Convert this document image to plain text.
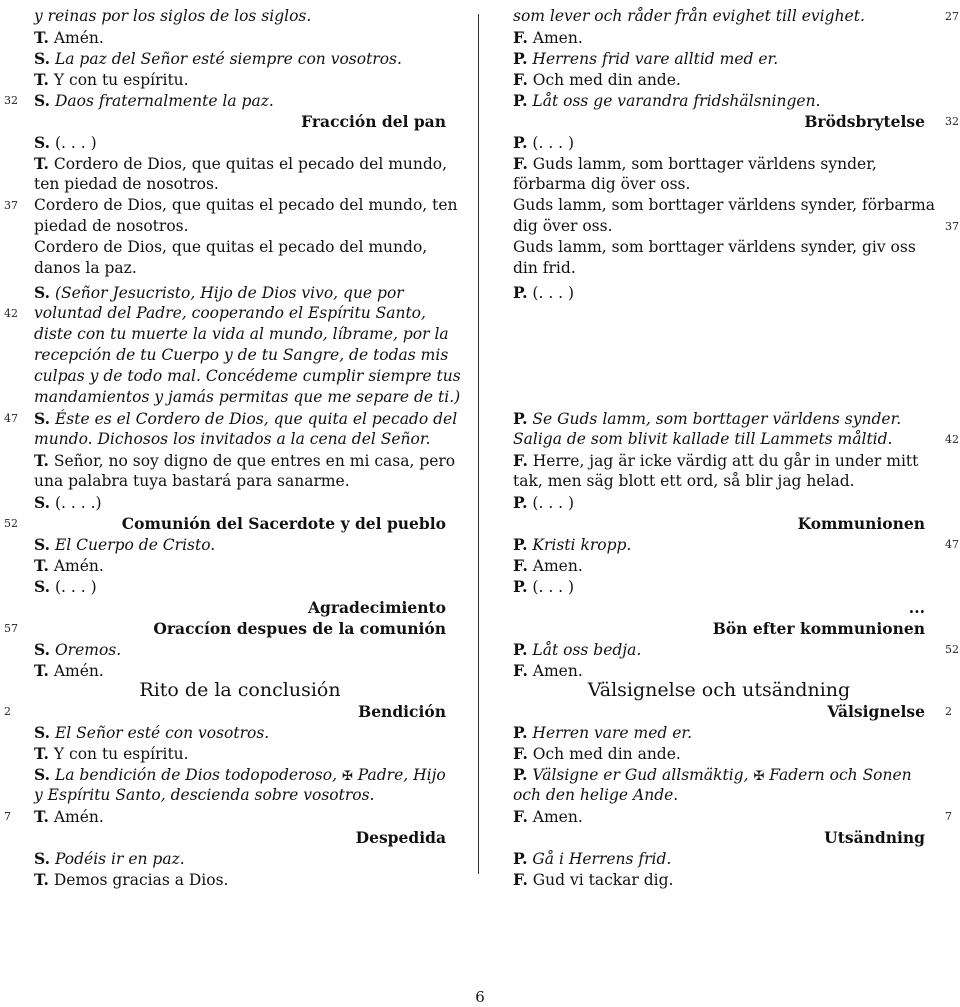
y reinas por los siglos de los siglos.
T. Amén.
S. La paz del Señor esté siempre con vosotros.
T. Y con tu espíritu.
S. Daos fraternalmente la paz.
Fracción del pan
S. (. . . )
T. Cordero de Dios, que quitas el pecado del mundo,
ten piedad de nosotros.
Cordero de Dios, que quitas el pecado del mundo, ten
piedad de nosotros.
Cordero de Dios, que quitas el pecado del mundo,
danos la paz.
S. (Señor Jesucristo, Hijo de Dios vivo, que por
voluntad del Padre, cooperando el Espíritu Santo,
diste con tu muerte la vida al mundo, líbrame, por la
recepción de tu Cuerpo y de tu Sangre, de todas mis
culpas y de todo mal. Concédeme cumplir siempre tus
mandamientos y jamás permitas que me separe de ti.)
S. Éste es el Cordero de Dios, que quita el pecado del
mundo. Dichosos los invitados a la cena del Señor.
T. Señor, no soy digno de que entres en mi casa, pero
una palabra tuya bastará para sanarme.
S. (. . . .)
Comunión del Sacerdote y del pueblo
S. El Cuerpo de Cristo.
T. Amén.
S. (. . . )
Agradecimiento
Oraccíon despues de la comunión
S. Oremos.
T. Amén.
Rito de la conclusión
Bendición
S. El Señor esté con vosotros.
T. Y con tu espíritu.
S. La bendición de Dios todopoderoso, ✠ Padre, Hijo
y Espíritu Santo, descienda sobre vosotros.
T. Amén.
Despedida
S. Podéis ir en paz.
T. Demos gracias a Dios.
som lever och råder från evighet till evighet.
F. Amen.
P. Herrens frid vare alltid med er.
F. Och med din ande.
P. Låt oss ge varandra fridshälsningen.
Brödsbrytelse
P. (. . . )
F. Guds lamm, som borttager världens synder,
förbarma dig över oss.
Guds lamm, som borttager världens synder, förbarma
dig över oss.
Guds lamm, som borttager världens synder, giv oss
din frid.
P. (. . . )
P. Se Guds lamm, som borttager världens synder.
Saliga de som blivit kallade till Lammets måltid.
F. Herre, jag är icke värdig att du går in under mitt
tak, men säg blott ett ord, så blir jag helad.
P. (. . . )
Kommunionen
P. Kristi kropp.
F. Amen.
P. (. . . )
...
Bön efter kommunionen
P. Låt oss bedja.
F. Amen.
Välsignelse och utsändning
Välsignelse
P. Herren vare med er.
F. Och med din ande.
P. Välsigne er Gud allsmäktig, ✠ Fadern och Sonen
och den helige Ande.
F. Amen.
Utsändning
P. Gå i Herrens frid.
F. Gud vi tackar dig.
32
37
42
47
52
57
2
7
27
32
37
42
47
52
2
7
6
